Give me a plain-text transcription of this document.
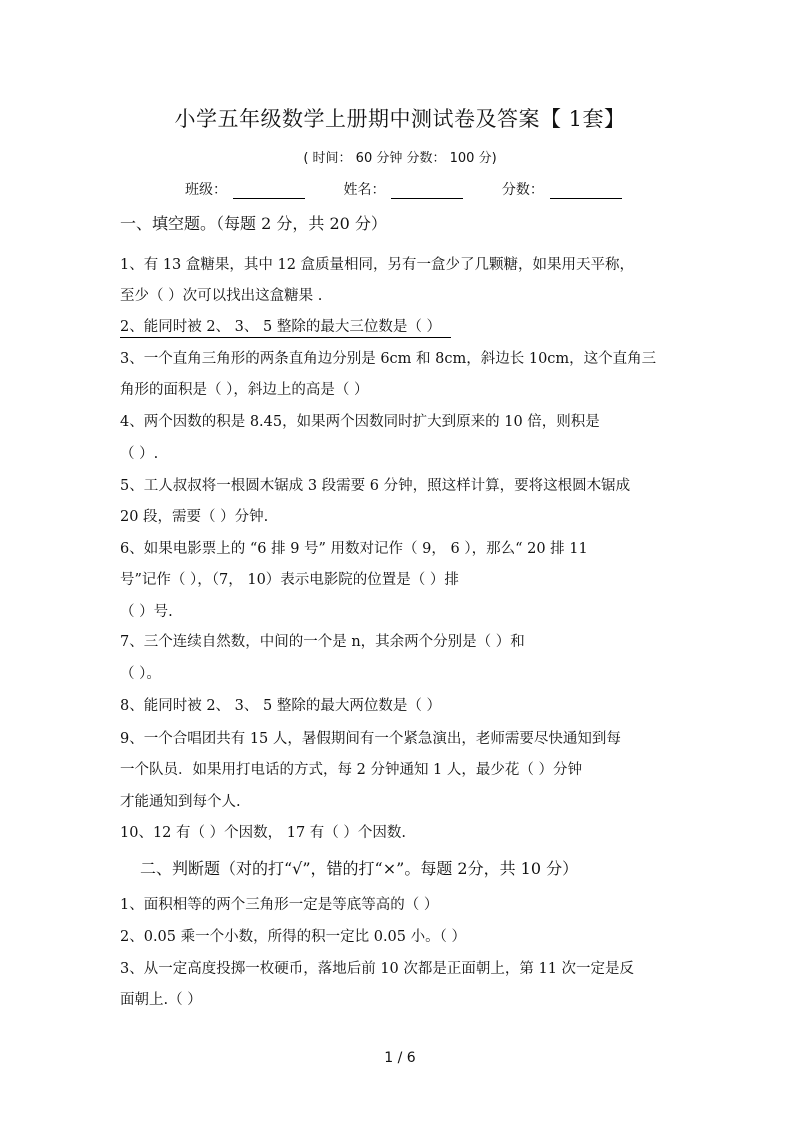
小学五年级数学上册期中测试卷及答案【 1套】
( 时间： 60 分钟 分数： 100 分)
班级：	姓名：	分数：
一、填空题。（每题 2 分，共 20 分）
1、有 13 盒糖果，其中 12 盒质量相同，另有一盒少了几颗糖，如果用天平称，
至少（ ）次可以找出这盒糖果 .
2、能同时被 2、 3、 5 整除的最大三位数是（ ）
3、一个直角三角形的两条直角边分别是 6cm 和 8cm，斜边长 10cm，这个直角三
角形的面积是（ ），斜边上的高是（ ）
4、两个因数的积是 8.45，如果两个因数同时扩大到原来的 10 倍，则积是
（ ）.
5、工人叔叔将一根圆木锯成 3 段需要 6 分钟，照这样计算，要将这根圆木锯成
20 段，需要（ ）分钟.
6、如果电影票上的 “6 排 9 号” 用数对记作（ 9， 6 ），那么“ 20 排 11
号”记作（ ），（7， 10）表示电影院的位置是（ ）排
（ ）号.
7、三个连续自然数，中间的一个是 n，其余两个分别是（ ）和
（ ）。
8、能同时被 2、 3、 5 整除的最大两位数是（ ）
9、一个合唱团共有 15 人，暑假期间有一个紧急演出，老师需要尽快通知到每
一个队员．如果用打电话的方式，每 2 分钟通知 1 人，最少花（ ）分钟
才能通知到每个人.
10、12 有（ ）个因数， 17 有（ ）个因数.
二、判断题（对的打“√”，错的打“×”。每题 2分，共 10 分）
1、面积相等的两个三角形一定是等底等高的（ ）
2、0.05 乘一个小数，所得的积一定比 0.05 小。（ ）
3、从一定高度投掷一枚硬币，落地后前 10 次都是正面朝上，第 11 次一定是反
面朝上.（ ）
1 / 6
